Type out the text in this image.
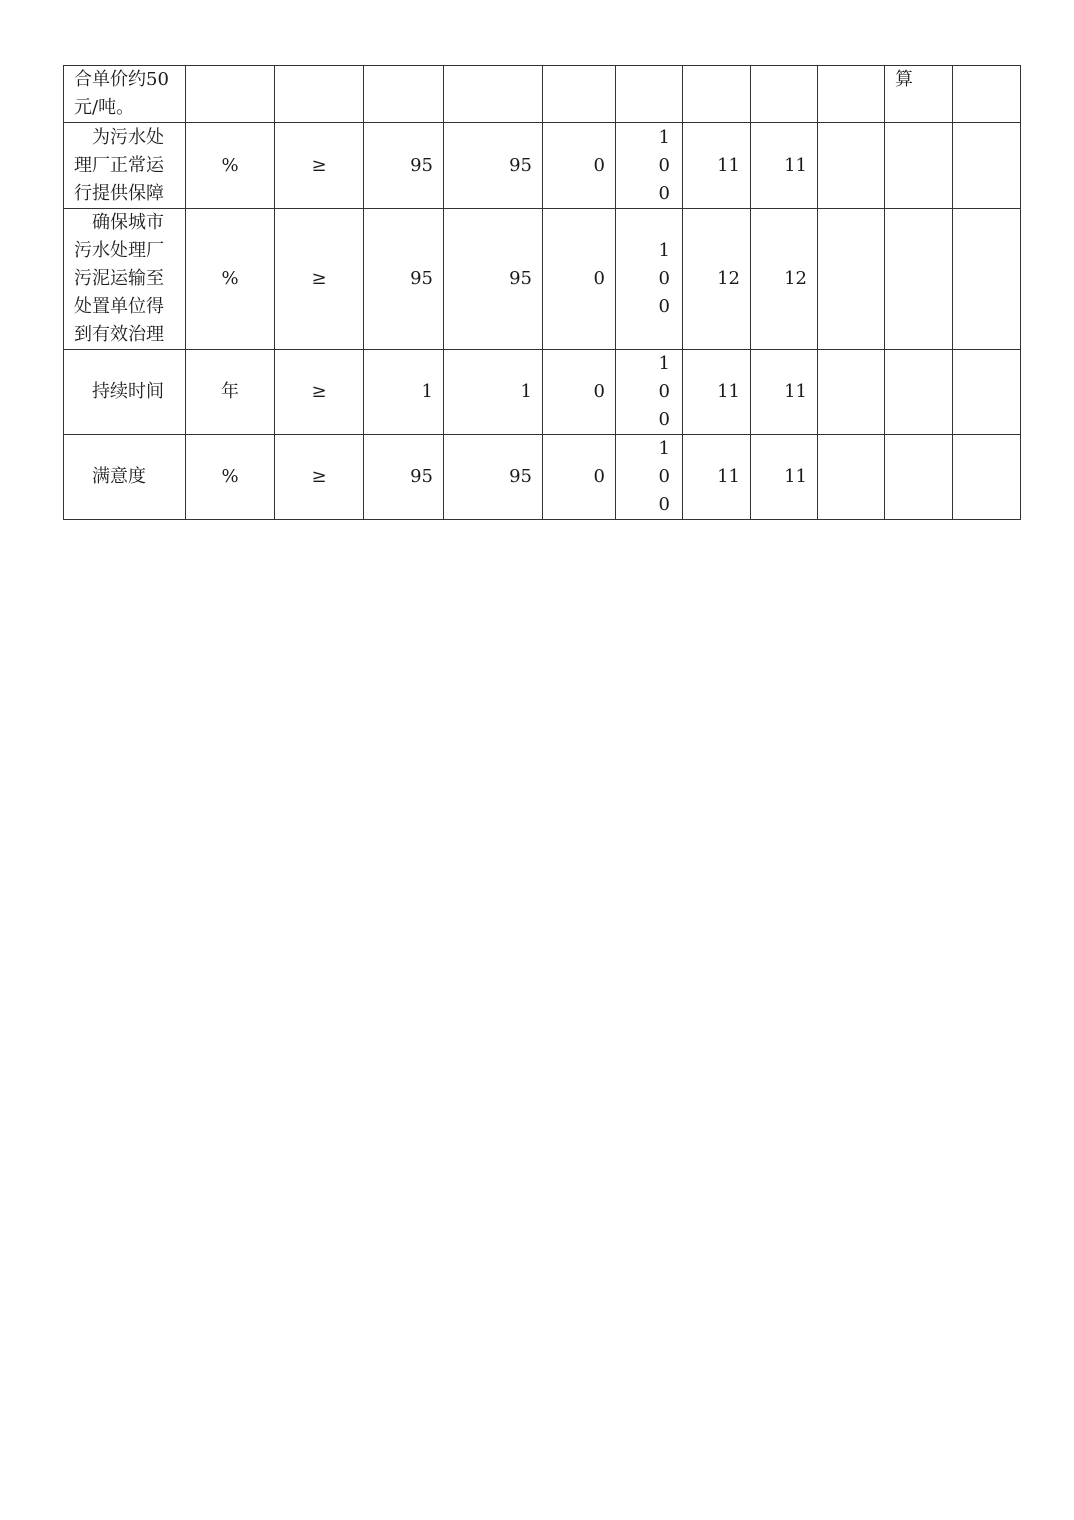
合单价约50元/吨。										算	

为污水处理厂正常运行提供保障	%	≥	95	95	0	100	11	11			

确保城市污水处理厂污泥运输至处置单位得到有效治理	%	≥	95	95	0	100	12	12			

持续时间	年	≥	1	1	0	100	11	11			

满意度	%	≥	95	95	0	100	11	11			
